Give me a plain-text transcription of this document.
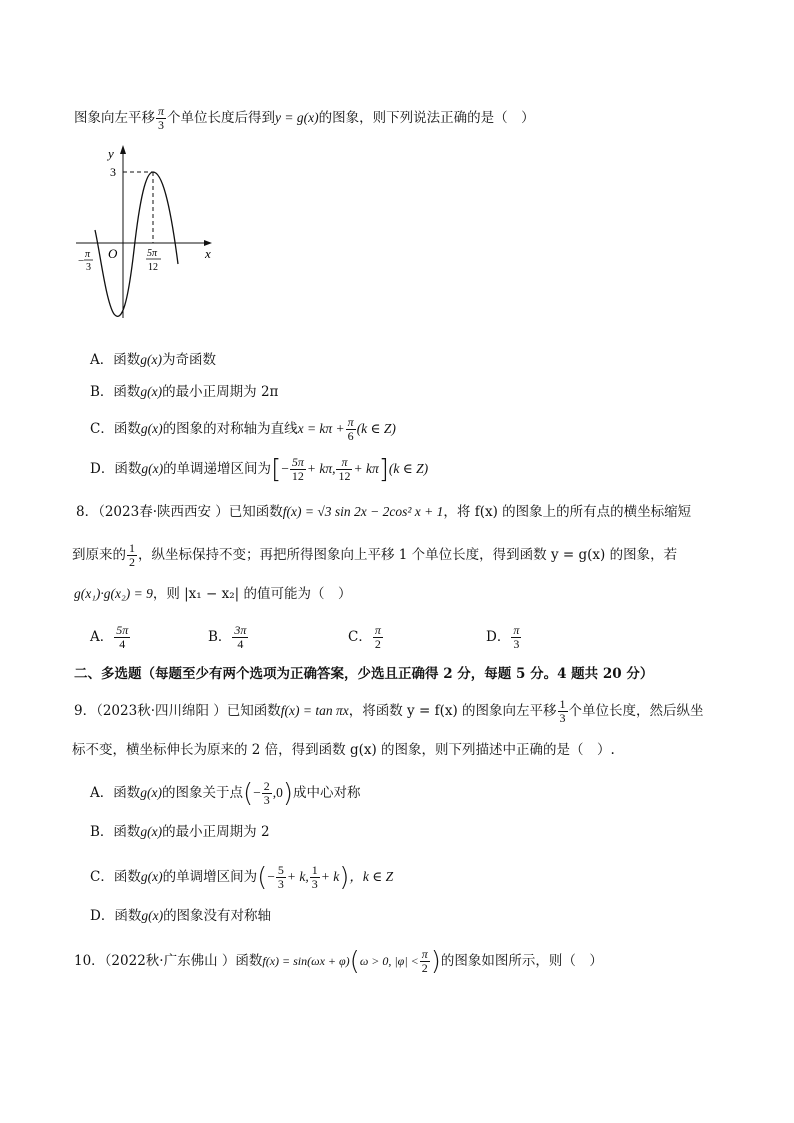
图象向左平移 $\frac{\pi}{3}$ 个单位长度后得到y = g(x)的图象，则下列说法正确的是（　）
y
x
O
3
−
π
3
5π
12
A．函数g(x)为奇函数
B．函数g(x)的最小正周期为 2π
C．函数g(x)的图象的对称轴为直线$x = k\pi + \frac{\pi}{6} (k$ ∈ Z)
D．函数g(x)的单调递增区间为[− $\frac{5\pi}{12} + k\pi$, $\frac{\pi}{12} + k\pi](k$ ∈ Z)
8．（2023春·陕西西安 ）已知函数f(x) = √3 sin 2x − 2cos² x + 1，将 f(x) 的图象上的所有点的横坐标缩短
到原来的 $\frac{1}{2}$ ，纵坐标保持不变；再把所得图象向上平移 1 个单位长度，得到函数 y = g(x) 的图象，若
g(x₁)·g(x₂) = 9，则 |x₁ − x₂| 的值可能为（　）
A． $\frac{5\pi}{4}$	B． $\frac{3\pi}{4}$	C． $\frac{\pi}{2}$	D． $\frac{\pi}{3}$
二、多选题（每题至少有两个选项为正确答案，少选且正确得 2 分，每题 5 分。4 题共 20 分）
9．（2023秋·四川绵阳 ）已知函数f(x) = tan πx，将函数 y = f(x) 的图象向左平移 $\frac{1}{3}$ 个单位长度，然后纵坐
标不变，横坐标伸长为原来的 2 倍，得到函数 g(x) 的图象，则下列描述中正确的是（　）.
A．函数g(x)的图象关于点(− $\frac{2}{3} ,0$)成中心对称
B．函数g(x)的最小正周期为 2
C．函数g(x)的单调增区间为(− $\frac{5}{3} + k$, $\frac{1}{3} + k$)，k ∈ Z
D．函数g(x)的图象没有对称轴
10．（2022秋·广东佛山 ）函数f(x) = sin(ωx + φ)(ω > 0, $|\varphi| < \frac{\pi}{2}$ )的图象如图所示，则（　）
